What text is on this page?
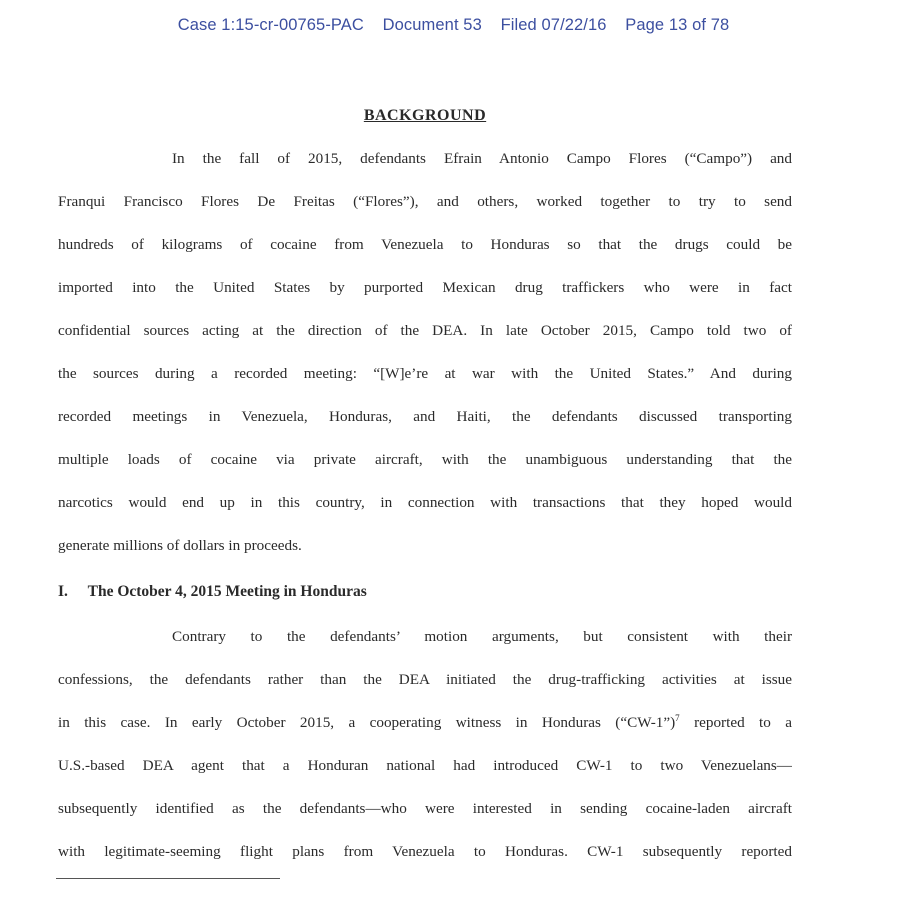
Case 1:15-cr-00765-PAC Document 53 Filed 07/22/16 Page 13 of 78
BACKGROUND
In the fall of 2015, defendants Efrain Antonio Campo Flores (“Campo”) and
Franqui Francisco Flores De Freitas (“Flores”), and others, worked together to try to send
hundreds of kilograms of cocaine from Venezuela to Honduras so that the drugs could be
imported into the United States by purported Mexican drug traffickers who were in fact
confidential sources acting at the direction of the DEA. In late October 2015, Campo told two of
the sources during a recorded meeting: “[W]e’re at war with the United States.” And during
recorded meetings in Venezuela, Honduras, and Haiti, the defendants discussed transporting
multiple loads of cocaine via private aircraft, with the unambiguous understanding that the
narcotics would end up in this country, in connection with transactions that they hoped would
generate millions of dollars in proceeds.
I. The October 4, 2015 Meeting in Honduras
Contrary to the defendants’ motion arguments, but consistent with their
confessions, the defendants rather than the DEA initiated the drug-trafficking activities at issue
in this case. In early October 2015, a cooperating witness in Honduras (“CW-1”)$^7$ reported to a
U.S.-based DEA agent that a Honduran national had introduced CW-1 to two Venezuelans—
subsequently identified as the defendants—who were interested in sending cocaine-laden aircraft
with legitimate-seeming flight plans from Venezuela to Honduras. CW-1 subsequently reported
